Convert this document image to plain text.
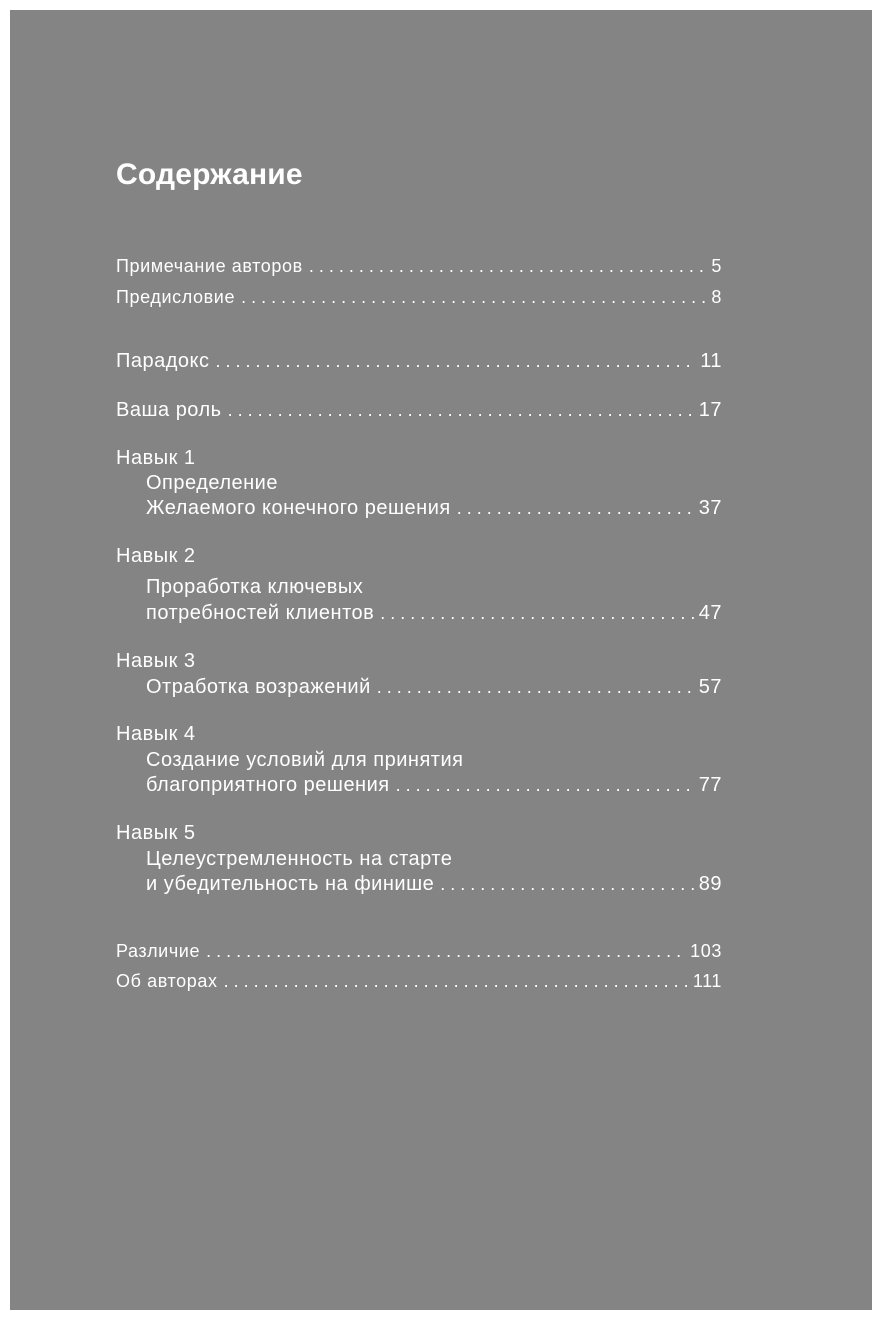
Содержание
Примечание авторов . . .	5
Предисловие . . .	8
Парадокс . . .	11
Ваша роль . . .	17
Навык 1
Определение
Желаемого конечного решения . . .	37
Навык 2
Проработка ключевых
потребностей клиентов . . .	47
Навык 3
Отработка возражений . . .	57
Навык 4
Создание условий для принятия
благоприятного решения . . .	77
Навык 5
Целеустремленность на старте
и убедительность на финише . . .	89
Различие . . .	103
Об авторах . . .	111
